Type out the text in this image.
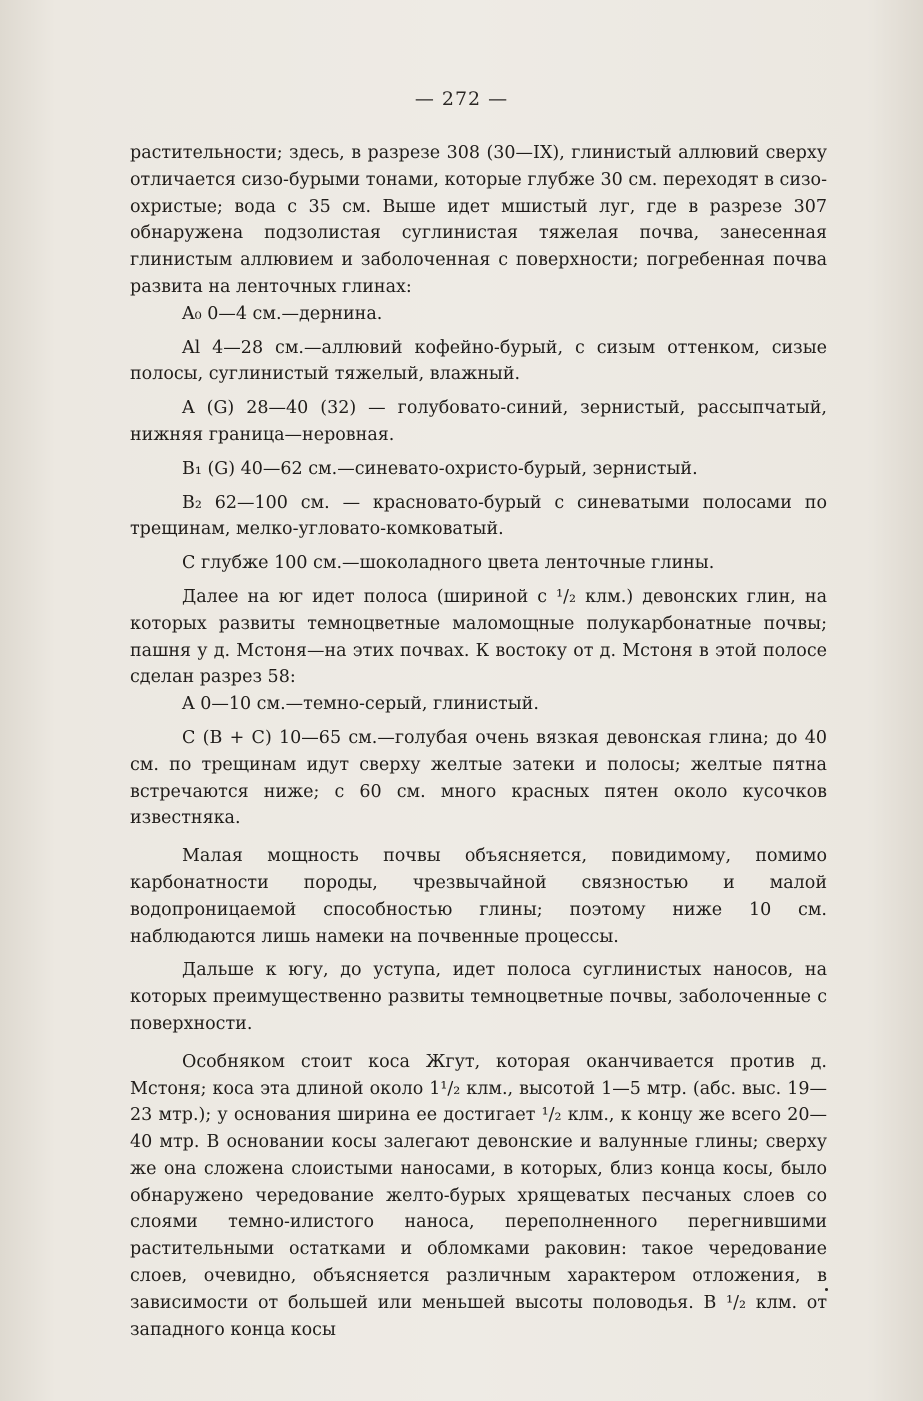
— 272 —

растительности; здесь, в разрезе 308 (30—IX), глинистый аллювий сверху отличается сизо-бурыми тонами, которые глубже 30 см. переходят в сизо-охристые; вода с 35 см. Выше идет мшистый луг, где в разрезе 307 обнаружена подзолистая суглинистая тяжелая почва, занесенная глинистым аллювием и заболоченная с поверхности; погребенная почва развита на ленточных глинах:

A₀ 0—4 см.—дернина.

Al 4—28 см.—аллювий кофейно-бурый, с сизым оттенком, сизые полосы, суглинистый тяжелый, влажный.

A (G) 28—40 (32) — голубовато-синий, зернистый, рассыпчатый, нижняя граница—неровная.

B₁ (G) 40—62 см.—синевато-охристо-бурый, зернистый.

B₂ 62—100 см. — красновато-бурый с синеватыми полосами по трещинам, мелко-угловато-комковатый.

С глубже 100 см.—шоколадного цвета ленточные глины.

Далее на юг идет полоса (шириной с ¹/₂ клм.) девонских глин, на которых развиты темноцветные маломощные полукарбонатные почвы; пашня у д. Мстоня—на этих почвах. К востоку от д. Мстоня в этой полосе сделан разрез 58:

A 0—10 см.—темно-серый, глинистый.

C (B + C) 10—65 см.—голубая очень вязкая девонская глина; до 40 см. по трещинам идут сверху желтые затеки и полосы; желтые пятна встречаются ниже; с 60 см. много красных пятен около кусочков известняка.

Малая мощность почвы объясняется, повидимому, помимо карбонатности породы, чрезвычайной связностью и малой водопроницаемой способностью глины; поэтому ниже 10 см. наблюдаются лишь намеки на почвенные процессы.

Дальше к югу, до уступа, идет полоса суглинистых наносов, на которых преимущественно развиты темноцветные почвы, заболоченные с поверхности.

Особняком стоит коса Жгут, которая оканчивается против д. Мстоня; коса эта длиной около 1¹/₂ клм., высотой 1—5 мтр. (абс. выс. 19—23 мтр.); у основания ширина ее достигает ¹/₂ клм., к концу же всего 20—40 мтр. В основании косы залегают девонские и валунные глины; сверху же она сложена слоистыми наносами, в которых, близ конца косы, было обнаружено чередование желто-бурых хрящеватых песчаных слоев со слоями темно-илистого наноса, переполненного перегнившими растительными остатками и обломками раковин: такое чередование слоев, очевидно, объясняется различным характером отложения, в зависимости от большей или меньшей высоты половодья. В ¹/₂ клм. от западного конца косы
